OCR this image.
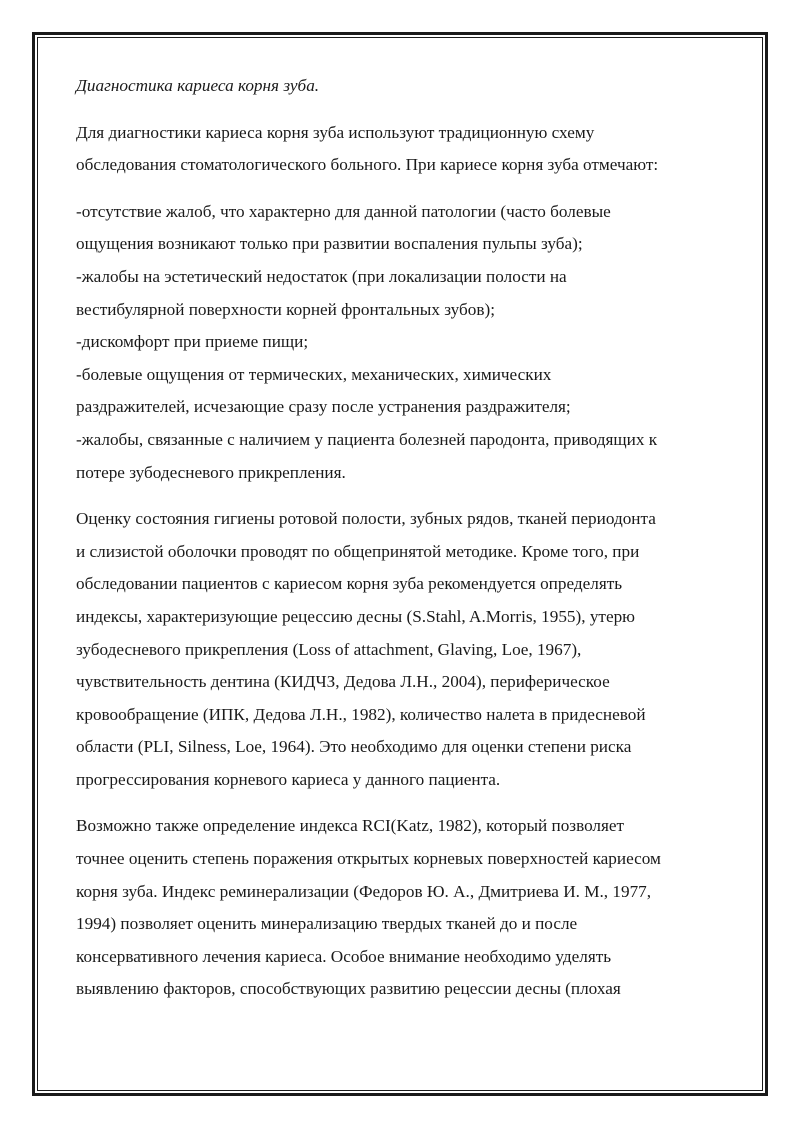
Диагностика кариеса корня зуба.
Для диагностики кариеса корня зуба используют традиционную схему
обследования стоматологического больного. При кариесе корня зуба отмечают:
-отсутствие жалоб, что характерно для данной патологии (часто болевые
ощущения возникают только при развитии воспаления пульпы зуба);
-жалобы на эстетический недостаток (при локализации полости на
вестибулярной поверхности корней фронтальных зубов);
-дискомфорт при приеме пищи;
-болевые ощущения от термических, механических, химических
раздражителей, исчезающие сразу после устранения раздражителя;
-жалобы, связанные с наличием у пациента болезней пародонта, приводящих к
потере зубодесневого прикрепления.
Оценку состояния гигиены ротовой полости, зубных рядов, тканей периодонта
и слизистой оболочки проводят по общепринятой методике. Кроме того, при
обследовании пациентов с кариесом корня зуба рекомендуется определять
индексы, характеризующие рецессию десны (S.Stahl, A.Morris, 1955), утерю
зубодесневого прикрепления (Loss of attachment, Glaving, Loe, 1967),
чувствительность дентина (КИДЧЗ, Дедова Л.Н., 2004), периферическое
кровообращение (ИПК, Дедова Л.Н., 1982), количество налета в придесневой
области (PLI, Silness, Loe, 1964). Это необходимо для оценки степени риска
прогрессирования корневого кариеса у данного пациента.
Возможно также определение индекса RCI(Katz, 1982), который позволяет
точнее оценить степень поражения открытых корневых поверхностей кариесом
корня зуба. Индекс реминерализации (Федоров Ю. А., Дмитриева И. М., 1977,
1994) позволяет оценить минерализацию твердых тканей до и после
консервативного лечения кариеса. Особое внимание необходимо уделять
выявлению факторов, способствующих развитию рецессии десны (плохая
